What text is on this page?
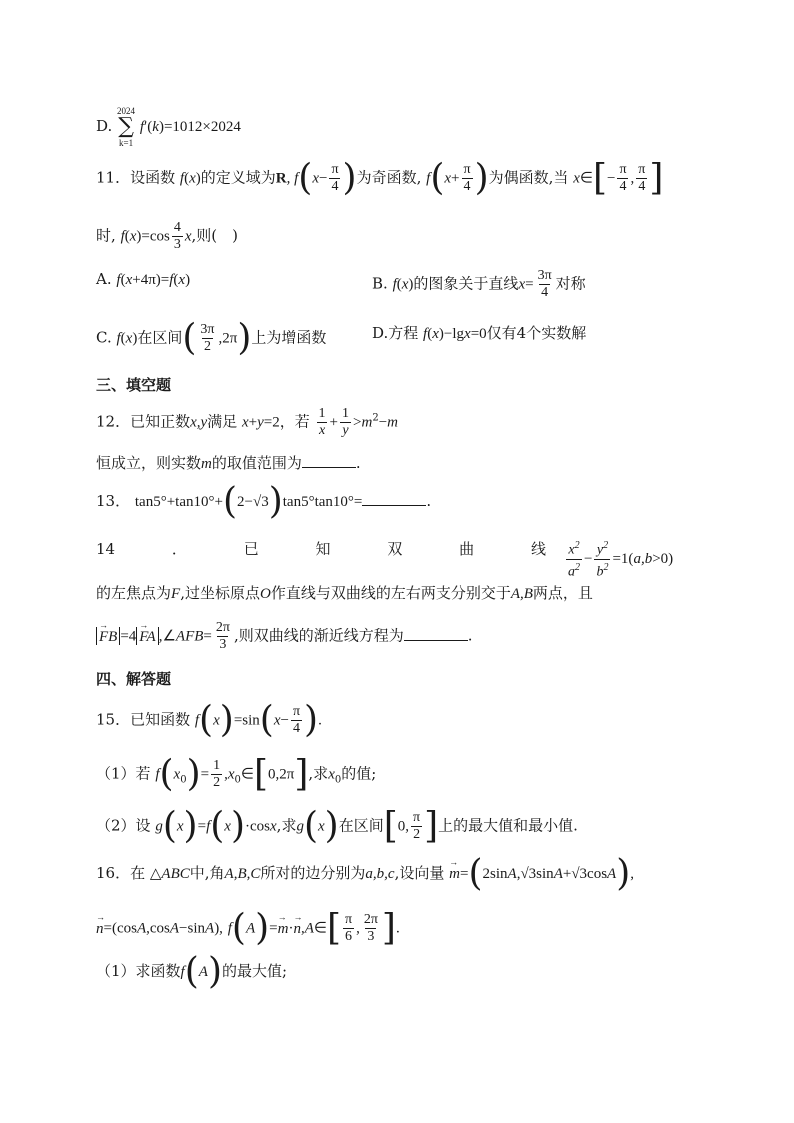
D.
2024
∑
k=1
f′(k)=1012×2024
11．设函数 f(x)的定义域为R, $f(x- \frac{\pi}{4}$ )为奇函数, $f(x+ \frac{\pi}{4}$ )为偶函数,当 x∈[− $\frac{\pi}{4}$ , $\frac{\pi}{4}$ ]
时, $f(x)=\cos \frac{4}{3} x$,则(　)
A. f(x+4π)=f(x)	B. f(x)的图象关于直线$x= \frac{3\pi}{4}$ 对称
C. f(x)在区间( $\frac{3\pi}{2} ,2\pi$)上为增函数	D.方程 f(x)−lgx=0仅有4个实数解
三、填空题
12．已知正数x,y满足 x+y=2，若 $\frac{1}{x} + \frac{1}{y} >m^2-m$
恒成立，则实数m的取值范围为	.
13． tan5°+tan10°+(2−√3)tan5°tan10°=	.
14	．	已	知	双	曲	线 $\frac{x^2}{a^2} - \frac{y^2}{b^2} =1(a,b>0)$
的左焦点为F,过坐标原点O作直线与双曲线的左右两支分别交于A,B两点，且
→ FB =4 → FA ,∠AFB= $\frac{2\pi}{3}$ ,则双曲线的渐近线方程为	.
四、解答题
15．已知函数 $f(x)=\sin(x- \frac{\pi}{4}$ ).
（1）若 $f(x_0)= \frac{1}{2}$ $,x_0\in[0,2\pi]$,求$x_0$的值;
（2）设 g(x)=f(x)·cosx,求g(x)在区间[0, $\frac{\pi}{2}$ ]上的最大值和最小值.
16．在 △ABC中,角A,B,C所对的边分别为a,b,c,设向量 → m=(2sinA,√3sinA+√3cosA),
→ n=(cosA,cosA−sinA), f(A)=→ m·→ n,A∈[ $\frac{\pi}{6}$ , $\frac{2\pi}{3}$ ].
（1）求函数f(A)的最大值;
